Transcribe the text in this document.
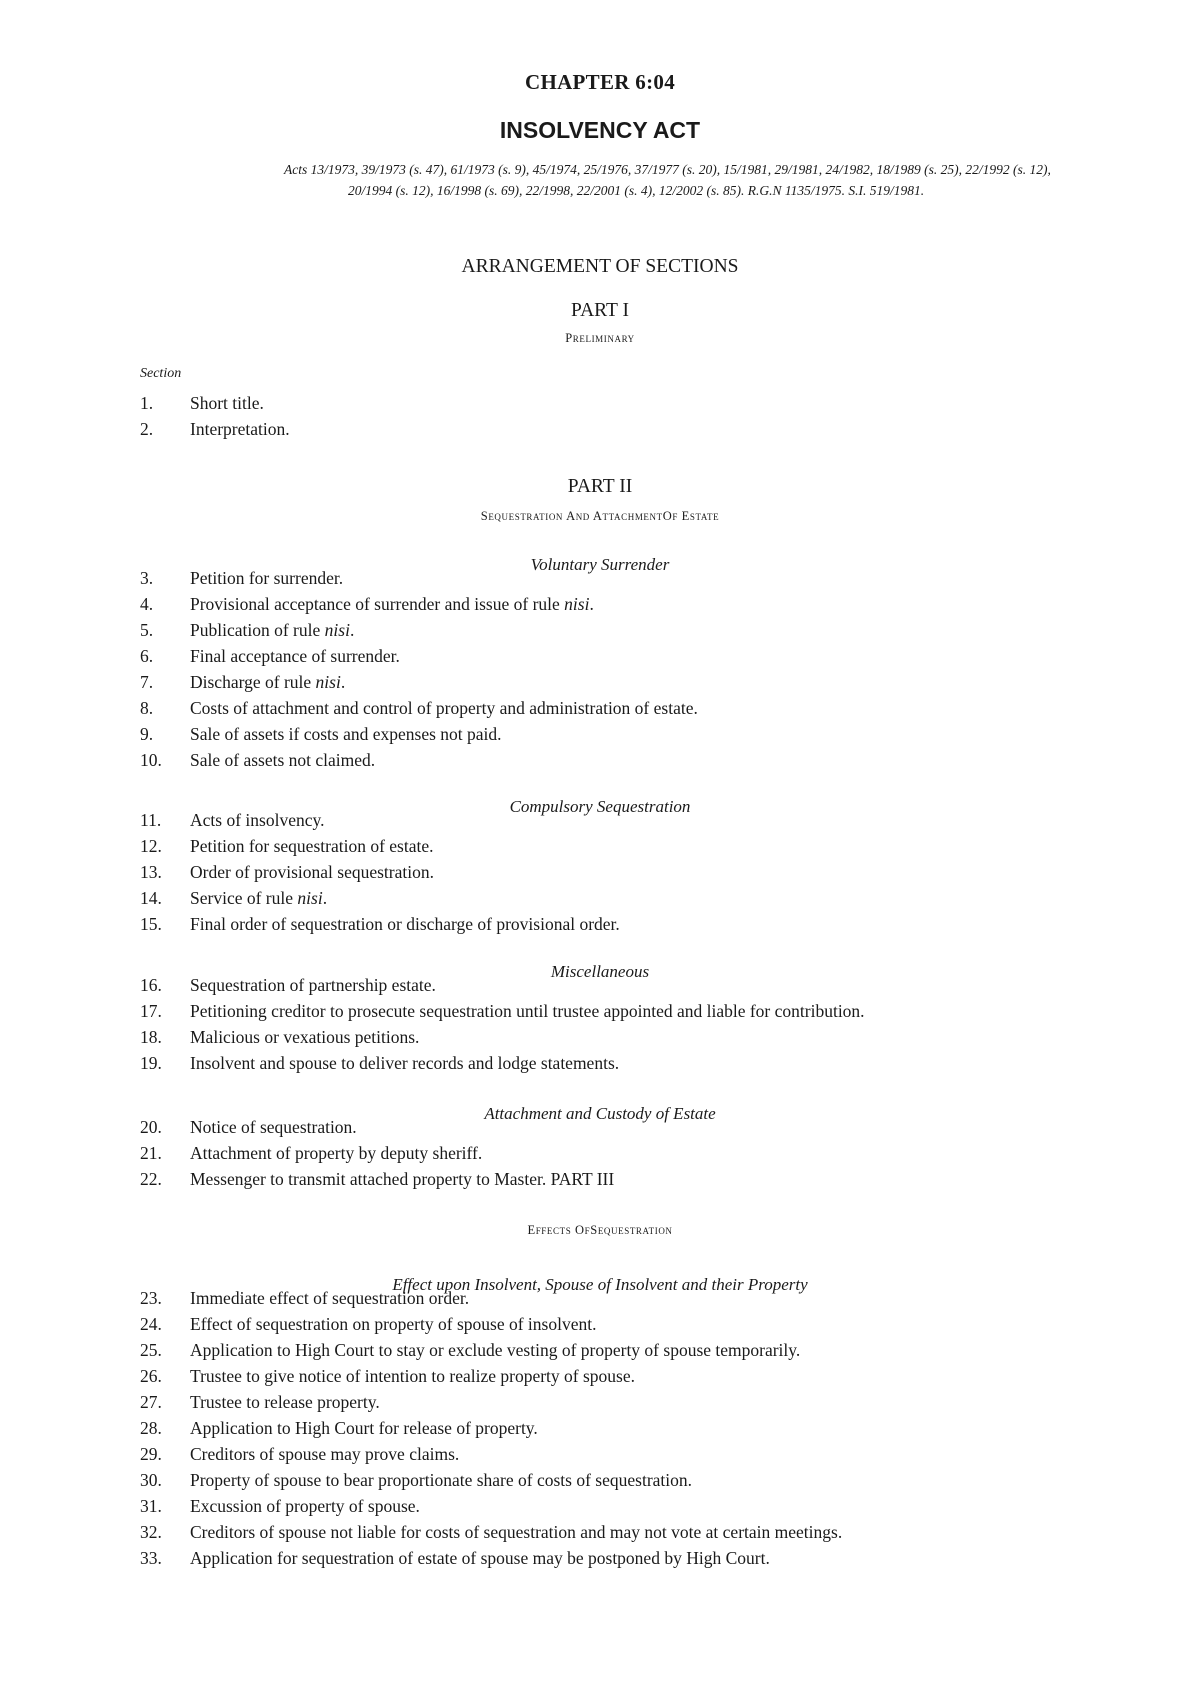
CHAPTER 6:04
INSOLVENCY ACT
Acts 13/1973, 39/1973 (s. 47), 61/1973 (s. 9), 45/1974, 25/1976, 37/1977 (s. 20), 15/1981, 29/1981, 24/1982, 18/1989 (s. 25), 22/1992 (s. 12), 20/1994 (s. 12), 16/1998 (s. 69), 22/1998, 22/2001 (s. 4), 12/2002 (s. 85). R.G.N 1135/1975. S.I. 519/1981.
ARRANGEMENT OF SECTIONS
PART I
Preliminary
Section
PART II
Sequestration And AttachmentOf Estate
Voluntary Surrender
Compulsory Sequestration
Miscellaneous
Attachment and Custody of Estate
Effects OfSequestration
Effect upon Insolvent, Spouse of Insolvent and their Property
1. Short title.
2. Interpretation.
3. Petition for surrender.
4. Provisional acceptance of surrender and issue of rule nisi.
5. Publication of rule nisi.
6. Final acceptance of surrender.
7. Discharge of rule nisi.
8. Costs of attachment and control of property and administration of estate.
9. Sale of assets if costs and expenses not paid.
10. Sale of assets not claimed.
11. Acts of insolvency.
12. Petition for sequestration of estate.
13. Order of provisional sequestration.
14. Service of rule nisi.
15. Final order of sequestration or discharge of provisional order.
16. Sequestration of partnership estate.
17. Petitioning creditor to prosecute sequestration until trustee appointed and liable for contribution.
18. Malicious or vexatious petitions.
19. Insolvent and spouse to deliver records and lodge statements.
20. Notice of sequestration.
21. Attachment of property by deputy sheriff.
22. Messenger to transmit attached property to Master. PART III
23. Immediate effect of sequestration order.
24. Effect of sequestration on property of spouse of insolvent.
25. Application to High Court to stay or exclude vesting of property of spouse temporarily.
26. Trustee to give notice of intention to realize property of spouse.
27. Trustee to release property.
28. Application to High Court for release of property.
29. Creditors of spouse may prove claims.
30. Property of spouse to bear proportionate share of costs of sequestration.
31. Excussion of property of spouse.
32. Creditors of spouse not liable for costs of sequestration and may not vote at certain meetings.
33. Application for sequestration of estate of spouse may be postponed by High Court.
